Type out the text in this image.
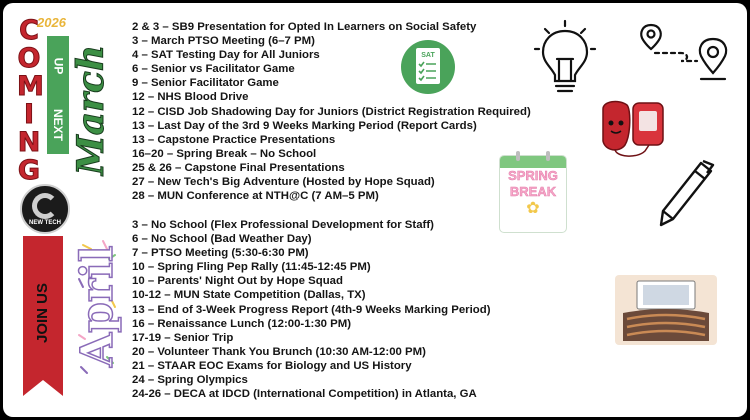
C
O
M
I
N
G
2026
UP
NEXT March
NEW TECH
JOIN US April
2 & 3 – SB9 Presentation for Opted In Learners on Social Safety
3 – March PTSO Meeting (6–7 PM)
4 – SAT Testing Day for All Juniors
6 – Senior vs Facilitator Game
9 – Senior Facilitator Game
12 – NHS Blood Drive
12 – CISD Job Shadowing Day for Juniors (District Registration Required)
13 – Last Day of the 3rd 9 Weeks Marking Period (Report Cards)
13 – Capstone Practice Presentations
16–20 – Spring Break – No School
25 & 26 – Capstone Final Presentations
27 – New Tech's Big Adventure (Hosted by Hope Squad)
28 – MUN Conference at NTH@C (7 AM–5 PM)
3 – No School (Flex Professional Development for Staff)
6 – No School (Bad Weather Day)
7 – PTSO Meeting (5:30-6:30 PM)
10 – Spring Fling Pep Rally (11:45-12:45 PM)
10 – Parents' Night Out by Hope Squad
10-12 – MUN State Competition (Dallas, TX)
13 – End of 3-Week Progress Report (4th-9 Weeks Marking Period)
16 – Renaissance Lunch (12:00-1:30 PM)
17-19 – Senior Trip
20 – Volunteer Thank You Brunch (10:30 AM-12:00 PM)
21 – STAAR EOC Exams for Biology and US History
24 – Spring Olympics
24-26 – DECA at IDCD (International Competition) in Atlanta, GA
SAT
SPRING
BREAK
✿
